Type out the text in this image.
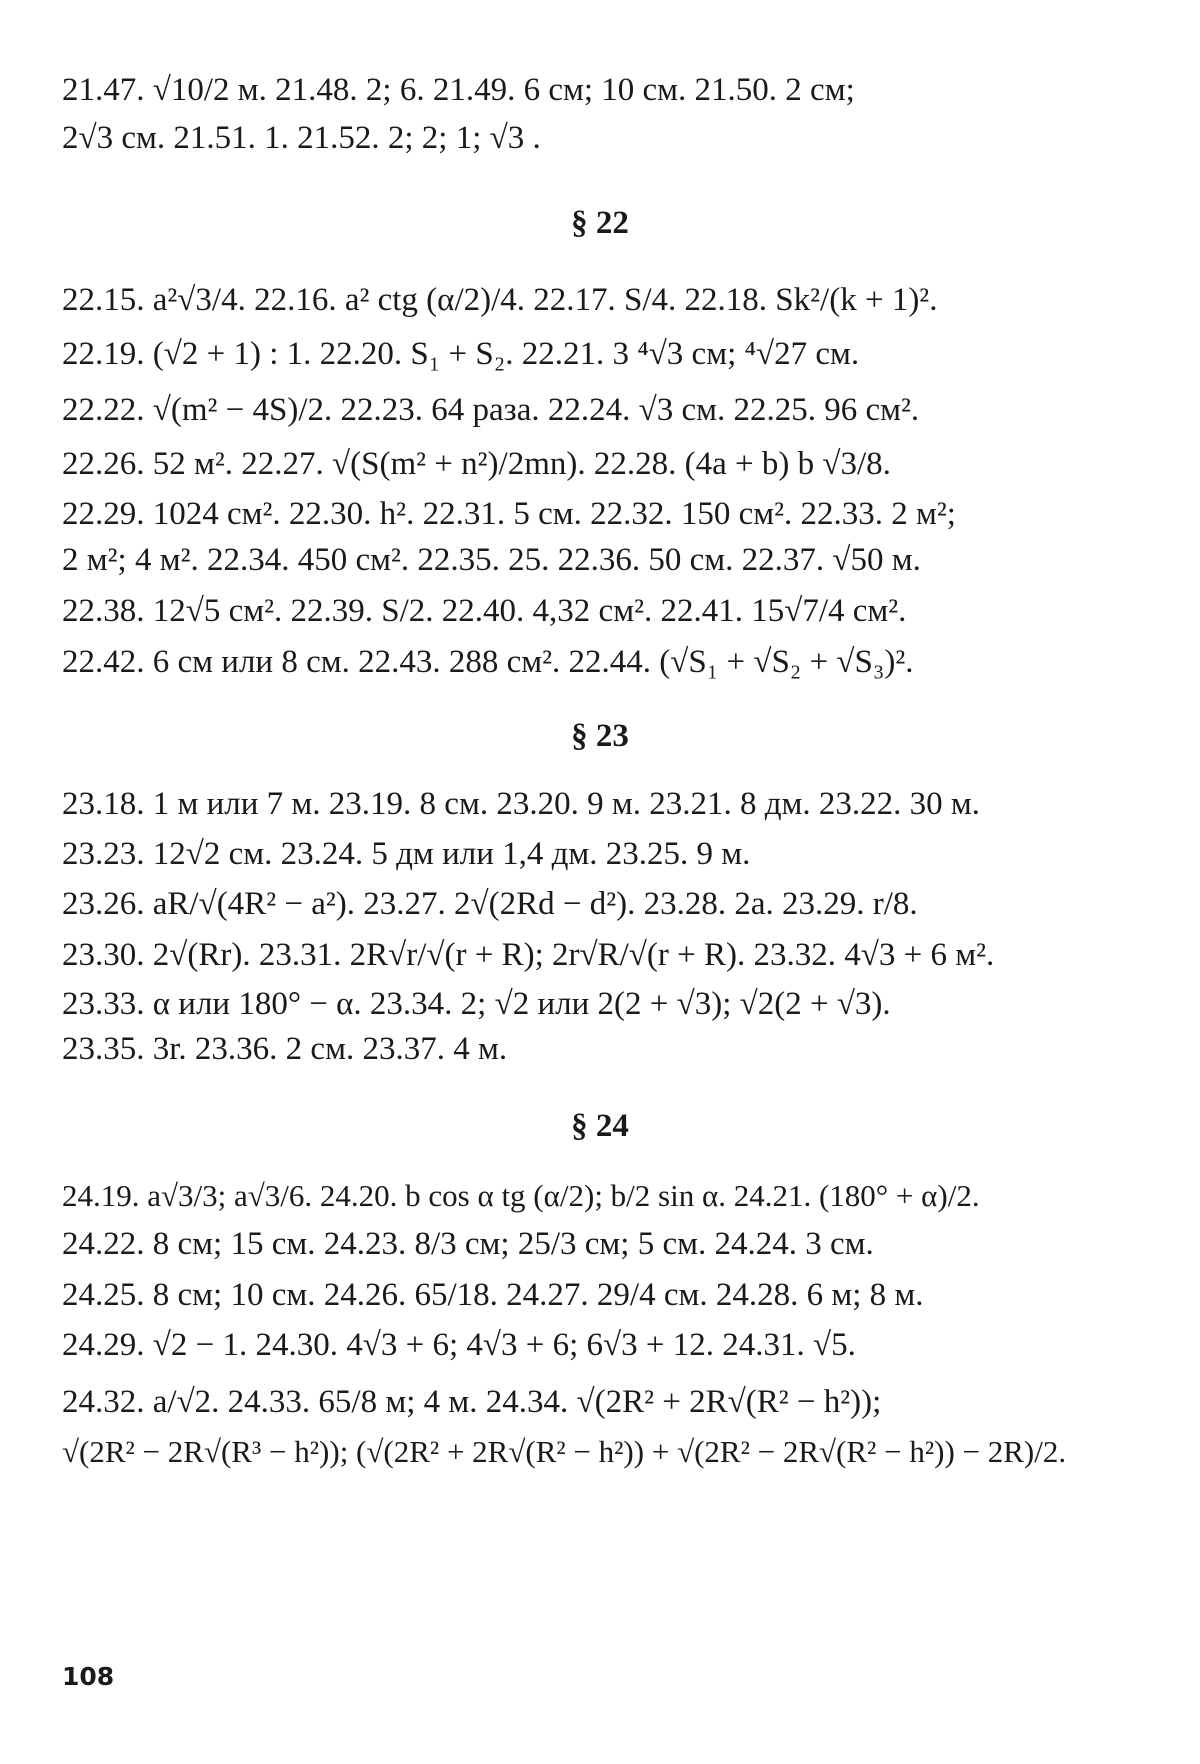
21.47. √10/2 м. 21.48. 2; 6. 21.49. 6 см; 10 см. 21.50. 2 см;

2√3 см. 21.51. 1. 21.52. 2; 2; 1; √3 .

§ 22

22.15. a²√3/4. 22.16. a² ctg (α/2)/4. 22.17. S/4. 22.18. Sk²/(k + 1)².

22.19. (√2 + 1) : 1. 22.20. S₁ + S₂. 22.21. 3 ⁴√3 см; ⁴√27 см.

22.22. √(m² − 4S)/2. 22.23. 64 раза. 22.24. √3 см. 22.25. 96 см².

22.26. 52 м². 22.27. √(S(m² + n²)/2mn). 22.28. (4a + b) b √3/8.

22.29. 1024 см². 22.30. h². 22.31. 5 см. 22.32. 150 см². 22.33. 2 м²;

2 м²; 4 м². 22.34. 450 см². 22.35. 25. 22.36. 50 см. 22.37. √50 м.

22.38. 12√5 см². 22.39. S/2. 22.40. 4,32 см². 22.41. 15√7/4 см².

22.42. 6 см или 8 см. 22.43. 288 см². 22.44. (√S₁ + √S₂ + √S₃)².

§ 23

23.18. 1 м или 7 м. 23.19. 8 см. 23.20. 9 м. 23.21. 8 дм. 23.22. 30 м.

23.23. 12√2 см. 23.24. 5 дм или 1,4 дм. 23.25. 9 м.

23.26. aR/√(4R² − a²). 23.27. 2√(2Rd − d²). 23.28. 2a. 23.29. r/8.

23.30. 2√(Rr). 23.31. 2R√r/√(r + R); 2r√R/√(r + R). 23.32. 4√3 + 6 м².

23.33. α или 180° − α. 23.34. 2; √2 или 2(2 + √3); √2(2 + √3).

23.35. 3r. 23.36. 2 см. 23.37. 4 м.

§ 24

24.19. a√3/3; a√3/6. 24.20. b cos α tg (α/2); b/2 sin α. 24.21. (180° + α)/2.

24.22. 8 см; 15 см. 24.23. 8/3 см; 25/3 см; 5 см. 24.24. 3 см.

24.25. 8 см; 10 см. 24.26. 65/18. 24.27. 29/4 см. 24.28. 6 м; 8 м.

24.29. √2 − 1. 24.30. 4√3 + 6; 4√3 + 6; 6√3 + 12. 24.31. √5.

24.32. a/√2. 24.33. 65/8 м; 4 м. 24.34. √(2R² + 2R√(R² − h²));

√(2R² − 2R√(R³ − h²)); (√(2R² + 2R√(R² − h²)) + √(2R² − 2R√(R² − h²)) − 2R)/2.

108
